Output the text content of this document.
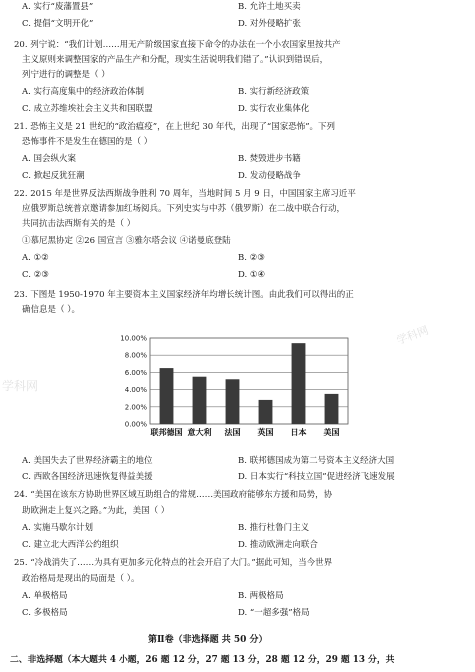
A. 实行“废藩置县”	B. 允许土地买卖
C. 提倡“文明开化”	D. 对外侵略扩张
20. 列宁说：“我们计划……用无产阶级国家直接下命令的办法在一个小农国家里按共产
主义原则来调整国家的产品生产和分配，现实生活说明我们错了。”认识到错误后，
列宁进行的调整是（ ）
A. 实行高度集中的经济政治体制	B. 实行新经济政策
C. 成立苏维埃社会主义共和国联盟	D. 实行农业集体化
21. 恐怖主义是 21 世纪的“政治瘟疫”，在上世纪 30 年代，出现了“国家恐怖”。下列
恐怖事件不是发生在德国的是（ ）
A. 国会纵火案	B. 焚毁进步书籍
C. 掀起反犹狂潮	D. 发动侵略战争
22. 2015 年是世界反法西斯战争胜利 70 周年，当地时间 5 月 9 日，中国国家主席习近平
应俄罗斯总统普京邀请参加红场阅兵。下列史实与中苏（俄罗斯）在二战中联合行动，
共同抗击法西斯有关的是（ ）
①慕尼黑协定 ②26 国宣言 ③雅尔塔会议 ④诺曼底登陆
A. ①②	B. ②③
C. ②③	D. ①④
23. 下图是 1950-1970 年主要资本主义国家经济年均增长统计图。由此我们可以得出的正
确信息是（ ）。
A. 美国失去了世界经济霸主的地位	B. 联邦德国成为第二号资本主义经济大国
C. 西欧各国经济迅速恢复得益美援	D. 日本实行“科技立国”促进经济飞速发展
24. “美国在该东方协助世界区域互助组合的常规……美国政府能够东方援和局势，协
助欧洲走上复兴之路。”为此，美国（ ）
A. 实施马歇尔计划	B. 推行杜鲁门主义
C. 建立北大西洋公约组织	D. 推动欧洲走向联合
25. “冷战消失了……为具有更加多元化特点的社会开启了大门。”据此可知，当今世界
政治格局是现出的局面是（ ）。
A. 单极格局	B. 两极格局
C. 多极格局	D. “一超多强”格局
0.00%
2.00%
4.00%
6.00%
8.00%
10.00%
联邦德国 意大利 法国 英国 日本 美国
第Ⅱ卷（非选择题 共 50 分）
二、非选择题（本大题共 4 小题，26 题 12 分，27 题 13 分，28 题 12 分，29 题 13 分，共
学科网
学科网
